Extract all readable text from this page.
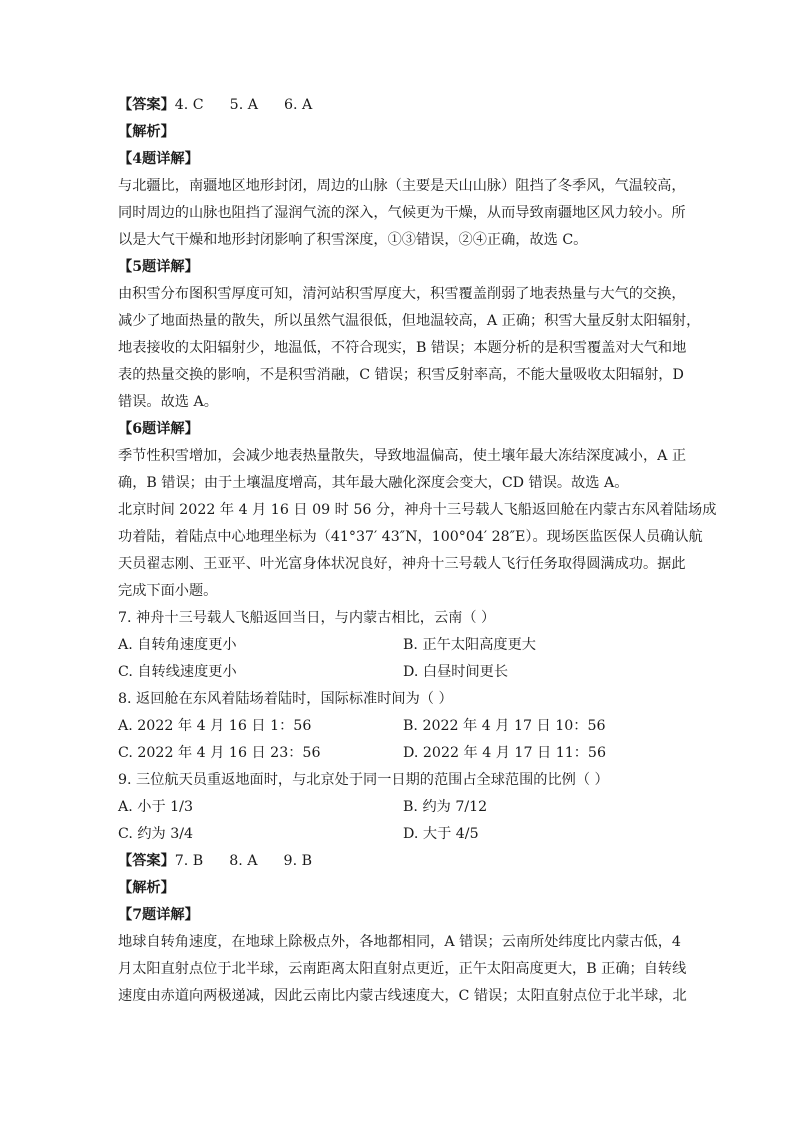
【答案】4. C 5. A 6. A
【解析】
【4题详解】
与北疆比，南疆地区地形封闭，周边的山脉（主要是天山山脉）阻挡了冬季风，气温较高，
同时周边的山脉也阻挡了湿润气流的深入，气候更为干燥，从而导致南疆地区风力较小。所
以是大气干燥和地形封闭影响了积雪深度，①③错误，②④正确，故选 C。
【5题详解】
由积雪分布图积雪厚度可知，清河站积雪厚度大，积雪覆盖削弱了地表热量与大气的交换，
减少了地面热量的散失，所以虽然气温很低，但地温较高，A 正确；积雪大量反射太阳辐射，
地表接收的太阳辐射少，地温低，不符合现实，B 错误；本题分析的是积雪覆盖对大气和地
表的热量交换的影响，不是积雪消融，C 错误；积雪反射率高，不能大量吸收太阳辐射，D
错误。故选 A。
【6题详解】
季节性积雪增加，会减少地表热量散失，导致地温偏高，使土壤年最大冻结深度减小，A 正
确，B 错误；由于土壤温度增高，其年最大融化深度会变大，CD 错误。故选 A。
北京时间 2022 年 4 月 16 日 09 时 56 分，神舟十三号载人飞船返回舱在内蒙古东风着陆场成
功着陆，着陆点中心地理坐标为（41°37′ 43″N，100°04′ 28″E）。现场医监医保人员确认航
天员翟志刚、王亚平、叶光富身体状况良好，神舟十三号载人飞行任务取得圆满成功。据此
完成下面小题。
7. 神舟十三号载人飞船返回当日，与内蒙古相比，云南（ ）
A. 自转角速度更小	B. 正午太阳高度更大
C. 自转线速度更小	D. 白昼时间更长
8. 返回舱在东风着陆场着陆时，国际标准时间为（ ）
A. 2022 年 4 月 16 日 1：56	B. 2022 年 4 月 17 日 10：56
C. 2022 年 4 月 16 日 23：56	D. 2022 年 4 月 17 日 11：56
9. 三位航天员重返地面时，与北京处于同一日期的范围占全球范围的比例（ ）
A. 小于 1/3	B. 约为 7/12
C. 约为 3/4	D. 大于 4/5
【答案】7. B 8. A 9. B
【解析】
【7题详解】
地球自转角速度，在地球上除极点外，各地都相同，A 错误；云南所处纬度比内蒙古低，4
月太阳直射点位于北半球，云南距离太阳直射点更近，正午太阳高度更大，B 正确；自转线
速度由赤道向两极递减，因此云南比内蒙古线速度大，C 错误；太阳直射点位于北半球，北
